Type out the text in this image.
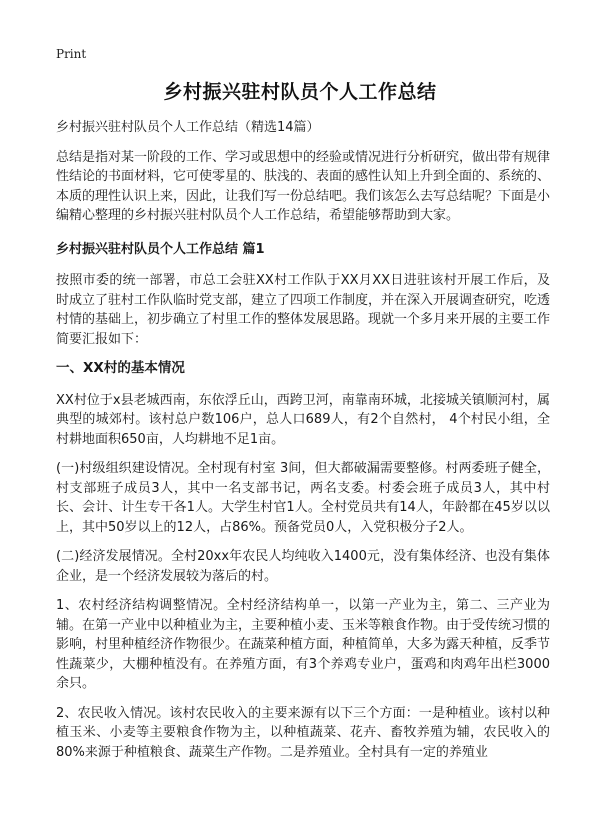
Print
乡村振兴驻村队员个人工作总结

乡村振兴驻村队员个人工作总结（精选14篇）

总结是指对某一阶段的工作、学习或思想中的经验或情况进行分析研究，做出带有规律性结论的书面材料，它可使零星的、肤浅的、表面的感性认知上升到全面的、系统的、本质的理性认识上来，因此，让我们写一份总结吧。我们该怎么去写总结呢？下面是小编精心整理的乡村振兴驻村队员个人工作总结，希望能够帮助到大家。

乡村振兴驻村队员个人工作总结 篇1

按照市委的统一部署，市总工会驻XX村工作队于XX月XX日进驻该村开展工作后，及时成立了驻村工作队临时党支部，建立了四项工作制度，并在深入开展调查研究，吃透村情的基础上，初步确立了村里工作的整体发展思路。现就一个多月来开展的主要工作简要汇报如下：

一、XX村的基本情况

XX村位于x县老城西南，东依浮丘山，西跨卫河，南靠南环城，北接城关镇顺河村，属典型的城郊村。该村总户数106户，总人口689人，有2个自然村， 4个村民小组，全村耕地面积650亩，人均耕地不足1亩。

(一)村级组织建设情况。全村现有村室 3间，但大都破漏需要整修。村两委班子健全，村支部班子成员3人，其中一名支部书记，两名支委。村委会班子成员3人，其中村长、会计、计生专干各1人。大学生村官1人。全村党员共有14人，年龄都在45岁以以上，其中50岁以上的12人，占86%。预备党员0人，入党积极分子2人。

(二)经济发展情况。全村20xx年农民人均纯收入1400元，没有集体经济、也没有集体企业，是一个经济发展较为落后的村。

1、农村经济结构调整情况。全村经济结构单一，以第一产业为主，第二、三产业为辅。在第一产业中以种植业为主，主要种植小麦、玉米等粮食作物。由于受传统习惯的影响，村里种植经济作物很少。在蔬菜种植方面，种植简单，大多为露天种植，反季节性蔬菜少，大棚种植没有。在养殖方面，有3个养鸡专业户，蛋鸡和肉鸡年出栏3000余只。

2、农民收入情况。该村农民收入的主要来源有以下三个方面：一是种植业。该村以种植玉米、小麦等主要粮食作物为主，以种植蔬菜、花卉、畜牧养殖为辅，农民收入的80%来源于种植粮食、蔬菜生产作物。二是养殖业。全村具有一定的养殖业
